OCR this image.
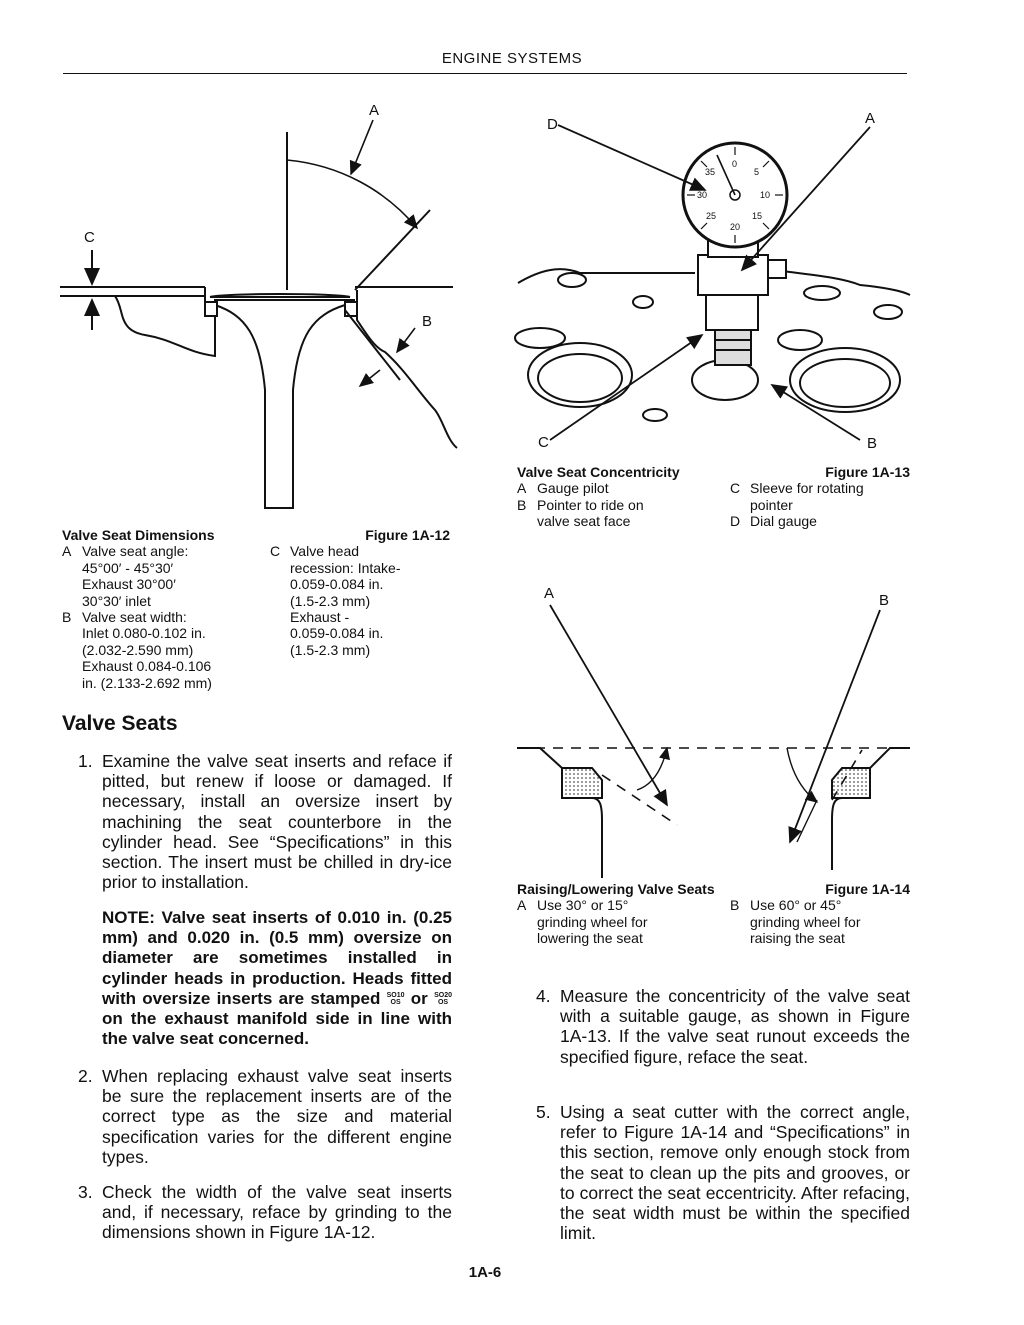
ENGINE SYSTEMS
A
B
C
Valve Seat Dimensions	Figure 1A-12
A Valve seat angle:
45°00′ - 45°30′
Exhaust 30°00′
30°30′ inlet
B Valve seat width:
Inlet 0.080-0.102 in.
(2.032-2.590 mm)
Exhaust 0.084-0.106
in. (2.133-2.692 mm)
C Valve head
recession: Intake-
0.059-0.084 in.
(1.5-2.3 mm)
Exhaust -
0.059-0.084 in.
(1.5-2.3 mm)
0
5
10
15
20
25
30
35
D	A
C	B
Valve Seat Concentricity	Figure 1A-13
A Gauge pilot
B Pointer to ride on
valve seat face
C Sleeve for rotating
pointer
D Dial gauge
A	B
Raising/Lowering Valve Seats	Figure 1A-14
A Use 30° or 15°
grinding wheel for
lowering the seat
B Use 60° or 45°
grinding wheel for
raising the seat
Valve Seats
1. Examine the valve seat inserts and reface if pitted, but renew if loose or damaged. If necessary, install an oversize insert by machining the seat counterbore in the cylinder head. See “Specifications” in this section. The insert must be chilled in dry-ice prior to installation.
NOTE: Valve seat inserts of 0.010 in. (0.25 mm) and 0.020 in. (0.5 mm) oversize on diameter are sometimes installed in cylinder heads in production. Heads fitted with oversize inserts are stamped SO10
OS or SO20
OS on the exhaust manifold side in line with the valve seat concerned.
2. When replacing exhaust valve seat inserts be sure the replacement inserts are of the correct type as the size and material specification varies for the different engine types.
3. Check the width of the valve seat inserts and, if necessary, reface by grinding to the dimensions shown in Figure 1A-12.
4. Measure the concentricity of the valve seat with a suitable gauge, as shown in Figure 1A-13. If the valve seat runout exceeds the specified figure, reface the seat.
5. Using a seat cutter with the correct angle, refer to Figure 1A-14 and “Specifications” in this section, remove only enough stock from the seat to clean up the pits and grooves, or to correct the seat eccentricity. After refacing, the seat width must be within the specified limit.
1A-6
